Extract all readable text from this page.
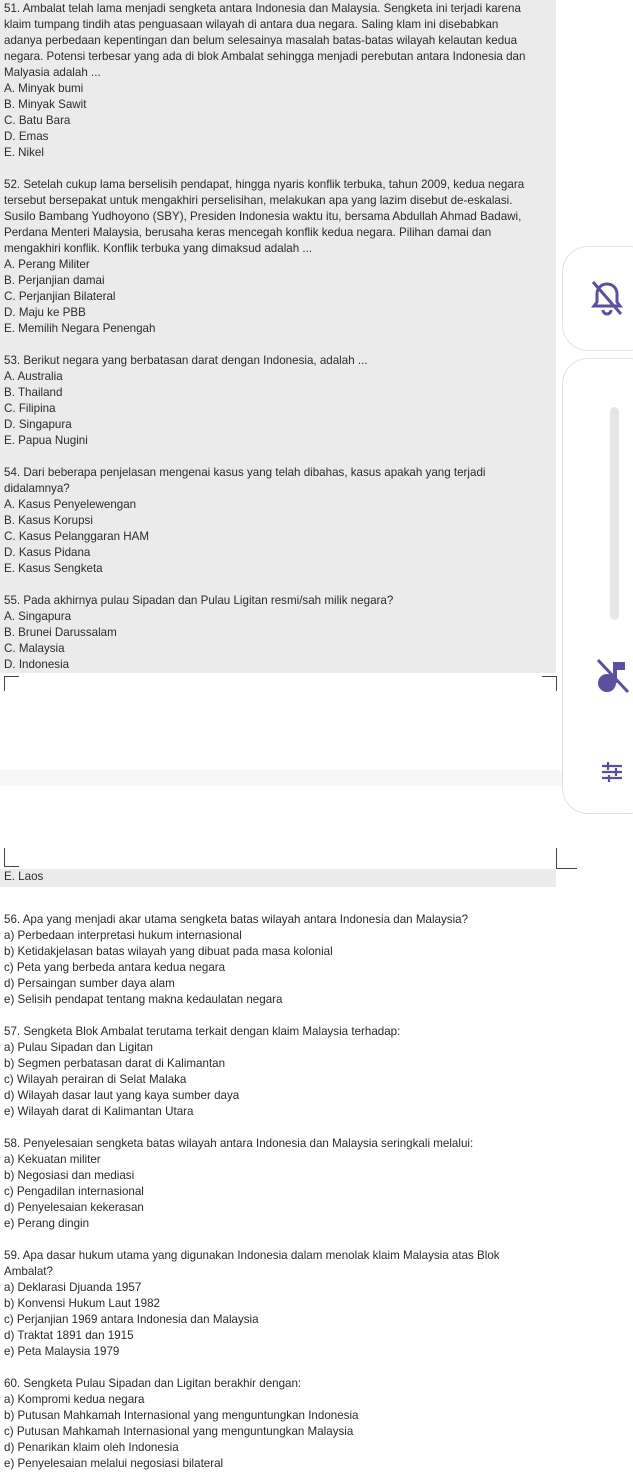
51. Ambalat telah lama menjadi sengketa antara Indonesia dan Malaysia. Sengketa ini terjadi karena
klaim tumpang tindih atas penguasaan wilayah di antara dua negara. Saling klam ini disebabkan
adanya perbedaan kepentingan dan belum selesainya masalah batas-batas wilayah kelautan kedua
negara. Potensi terbesar yang ada di blok Ambalat sehingga menjadi perebutan antara Indonesia dan
Malyasia adalah ...
A. Minyak bumi
B. Minyak Sawit
C. Batu Bara
D. Emas
E. Nikel
52. Setelah cukup lama berselisih pendapat, hingga nyaris konflik terbuka, tahun 2009, kedua negara
tersebut bersepakat untuk mengakhiri perselisihan, melakukan apa yang lazim disebut de-eskalasi.
Susilo Bambang Yudhoyono (SBY), Presiden Indonesia waktu itu, bersama Abdullah Ahmad Badawi,
Perdana Menteri Malaysia, berusaha keras mencegah konflik kedua negara. Pilihan damai dan
mengakhiri konflik. Konflik terbuka yang dimaksud adalah ...
A. Perang Militer
B. Perjanjian damai
C. Perjanjian Bilateral
D. Maju ke PBB
E. Memilih Negara Penengah
53. Berikut negara yang berbatasan darat dengan Indonesia, adalah ...
A. Australia
B. Thailand
C. Filipina
D. Singapura
E. Papua Nugini
54. Dari beberapa penjelasan mengenai kasus yang telah dibahas, kasus apakah yang terjadi
didalamnya?
A. Kasus Penyelewengan
B. Kasus Korupsi
C. Kasus Pelanggaran HAM
D. Kasus Pidana
E. Kasus Sengketa
55. Pada akhirnya pulau Sipadan dan Pulau Ligitan resmi/sah milik negara?
A. Singapura
B. Brunei Darussalam
C. Malaysia
D. Indonesia
E. Laos
56. Apa yang menjadi akar utama sengketa batas wilayah antara Indonesia dan Malaysia?
a) Perbedaan interpretasi hukum internasional
b) Ketidakjelasan batas wilayah yang dibuat pada masa kolonial
c) Peta yang berbeda antara kedua negara
d) Persaingan sumber daya alam
e) Selisih pendapat tentang makna kedaulatan negara
57. Sengketa Blok Ambalat terutama terkait dengan klaim Malaysia terhadap:
a) Pulau Sipadan dan Ligitan
b) Segmen perbatasan darat di Kalimantan
c) Wilayah perairan di Selat Malaka
d) Wilayah dasar laut yang kaya sumber daya
e) Wilayah darat di Kalimantan Utara
58. Penyelesaian sengketa batas wilayah antara Indonesia dan Malaysia seringkali melalui:
a) Kekuatan militer
b) Negosiasi dan mediasi
c) Pengadilan internasional
d) Penyelesaian kekerasan
e) Perang dingin
59. Apa dasar hukum utama yang digunakan Indonesia dalam menolak klaim Malaysia atas Blok
Ambalat?
a) Deklarasi Djuanda 1957
b) Konvensi Hukum Laut 1982
c) Perjanjian 1969 antara Indonesia dan Malaysia
d) Traktat 1891 dan 1915
e) Peta Malaysia 1979
60. Sengketa Pulau Sipadan dan Ligitan berakhir dengan:
a) Kompromi kedua negara
b) Putusan Mahkamah Internasional yang menguntungkan Indonesia
c) Putusan Mahkamah Internasional yang menguntungkan Malaysia
d) Penarikan klaim oleh Indonesia
e) Penyelesaian melalui negosiasi bilateral
